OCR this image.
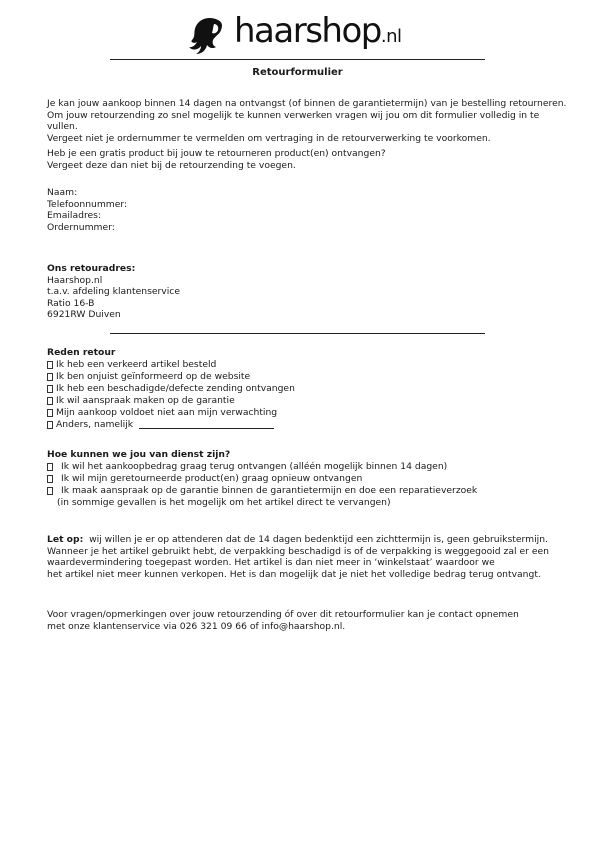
haarshop.nl
Retourformulier
Je kan jouw aankoop binnen 14 dagen na ontvangst (of binnen de garantietermijn) van je bestelling retourneren.
Om jouw retourzending zo snel mogelijk te kunnen verwerken vragen wij jou om dit formulier volledig in te vullen.
Vergeet niet je ordernummer te vermelden om vertraging in de retourverwerking te voorkomen.
Heb je een gratis product bij jouw te retourneren product(en) ontvangen?
Vergeet deze dan niet bij de retourzending te voegen.
Naam:
Telefoonnummer:
Emailadres:
Ordernummer:
Ons retouradres:
Haarshop.nl
t.a.v. afdeling klantenservice
Ratio 16-B
6921RW Duiven
Reden retour
Ik heb een verkeerd artikel besteld
Ik ben onjuist geïnformeerd op de website
Ik heb een beschadigde/defecte zending ontvangen
Ik wil aanspraak maken op de garantie
Mijn aankoop voldoet niet aan mijn verwachting
Anders, namelijk
Hoe kunnen we jou van dienst zijn?
Ik wil het aankoopbedrag graag terug ontvangen (alléén mogelijk binnen 14 dagen)
Ik wil mijn geretourneerde product(en) graag opnieuw ontvangen
Ik maak aanspraak op de garantie binnen de garantietermijn en doe een reparatieverzoek
(in sommige gevallen is het mogelijk om het artikel direct te vervangen)
Let op: wij willen je er op attenderen dat de 14 dagen bedenktijd een zichttermijn is, geen gebruikstermijn.
Wanneer je het artikel gebruikt hebt, de verpakking beschadigd is of de verpakking is weggegooid zal er een
waardevermindering toegepast worden. Het artikel is dan niet meer in ‘winkelstaat’ waardoor we
het artikel niet meer kunnen verkopen. Het is dan mogelijk dat je niet het volledige bedrag terug ontvangt.
Voor vragen/opmerkingen over jouw retourzending óf over dit retourformulier kan je contact opnemen
met onze klantenservice via 026 321 09 66 of info@haarshop.nl.
